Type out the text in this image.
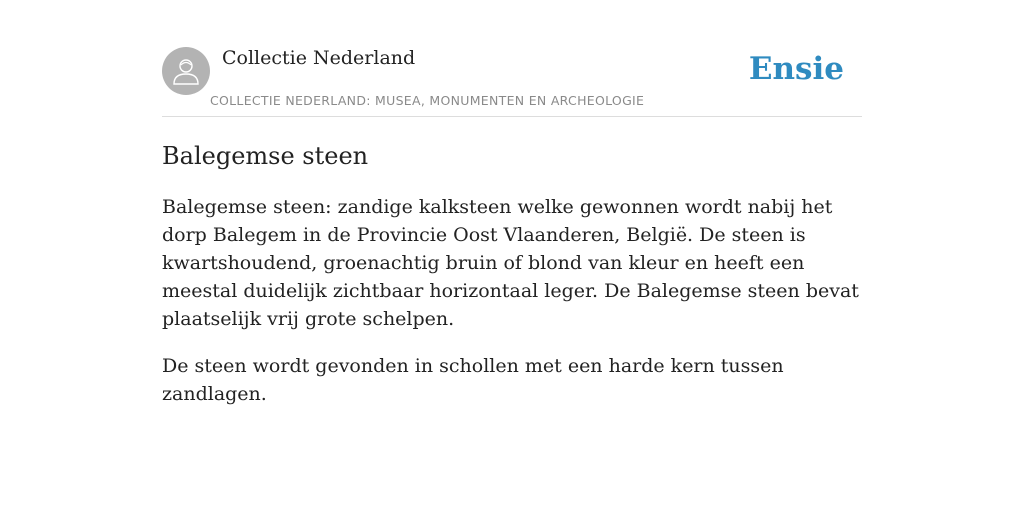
Collectie Nederland
COLLECTIE NEDERLAND: MUSEA, MONUMENTEN EN ARCHEOLOGIE
Ensie
Balegemse steen

Balegemse steen: zandige kalksteen welke gewonnen wordt nabij het dorp Balegem in de Provincie Oost Vlaanderen, België. De steen is kwartshoudend, groenachtig bruin of blond van kleur en heeft een meestal duidelijk zichtbaar horizontaal leger. De Balegemse steen bevat plaatselijk vrij grote schelpen.

De steen wordt gevonden in schollen met een harde kern tussen zandlagen.
